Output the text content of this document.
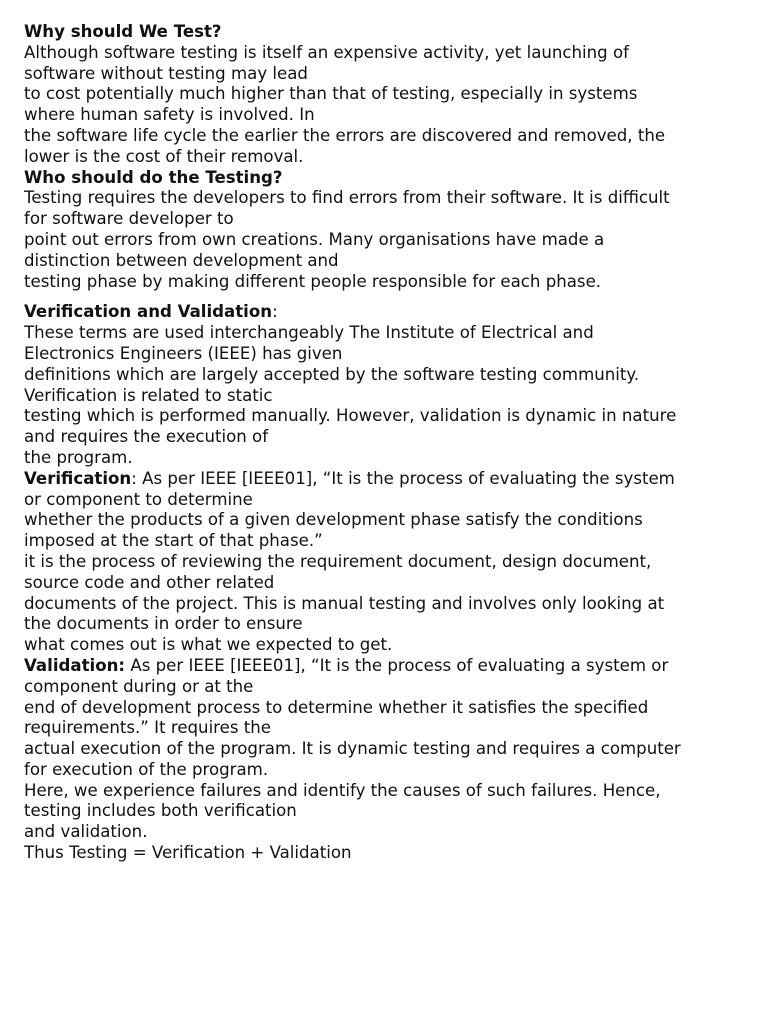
Why should We Test?
Although software testing is itself an expensive activity, yet launching of
software without testing may lead
to cost potentially much higher than that of testing, especially in systems
where human safety is involved. In
the software life cycle the earlier the errors are discovered and removed, the
lower is the cost of their removal.
Who should do the Testing?
Testing requires the developers to find errors from their software. It is difficult
for software developer to
point out errors from own creations. Many organisations have made a
distinction between development and
testing phase by making different people responsible for each phase.
Verification and Validation:
These terms are used interchangeably The Institute of Electrical and
Electronics Engineers (IEEE) has given
definitions which are largely accepted by the software testing community.
Verification is related to static
testing which is performed manually. However, validation is dynamic in nature
and requires the execution of
the program.
Verification: As per IEEE [IEEE01], “It is the process of evaluating the system
or component to determine
whether the products of a given development phase satisfy the conditions
imposed at the start of that phase.”
it is the process of reviewing the requirement document, design document,
source code and other related
documents of the project. This is manual testing and involves only looking at
the documents in order to ensure
what comes out is what we expected to get.
Validation: As per IEEE [IEEE01], “It is the process of evaluating a system or
component during or at the
end of development process to determine whether it satisfies the specified
requirements.” It requires the
actual execution of the program. It is dynamic testing and requires a computer
for execution of the program.
Here, we experience failures and identify the causes of such failures. Hence,
testing includes both verification
and validation.
Thus Testing = Verification + Validation
